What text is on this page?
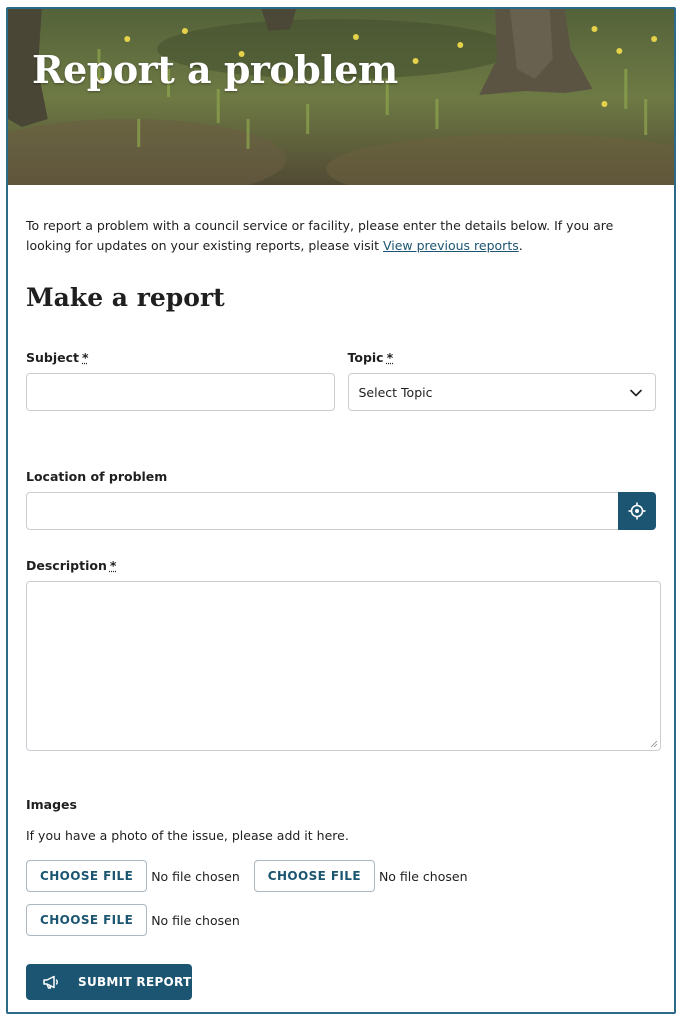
Report a problem

To report a problem with a council service or facility, please enter the details below. If you are looking for updates on your existing reports, please visit View previous reports.

Make a report
Subject *	Topic *
Select Topic
Location of problem
Description *
Images

If you have a photo of the issue, please add it here.

CHOOSE FILE	No file chosen	CHOOSE FILE	No file chosen
CHOOSE FILE	No file chosen
SUBMIT REPORT
